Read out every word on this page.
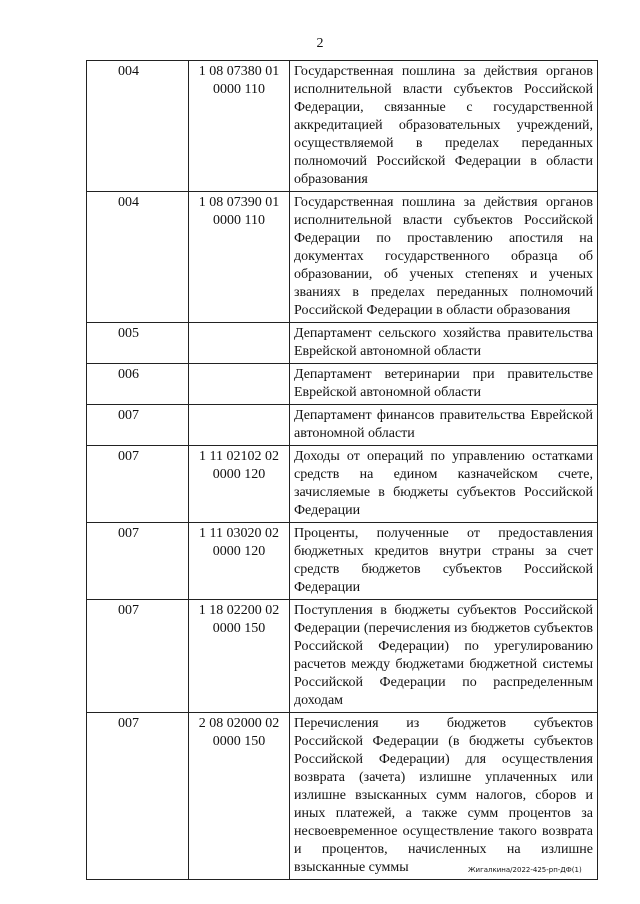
2
004	1 08 07380 01 0000 110	Государственная пошлина за действия органов исполнительной власти субъектов Российской Федерации, связанные с государственной аккредитацией образовательных учреждений, осуществляемой в пределах переданных полномочий Российской Федерации в области образования
004	1 08 07390 01 0000 110	Государственная пошлина за действия органов исполнительной власти субъектов Российской Федерации по проставлению апостиля на документах государственного образца об образовании, об ученых степенях и ученых званиях в пределах переданных полномочий Российской Федерации в области образования
005		Департамент сельского хозяйства правительства Еврейской автономной области
006		Департамент ветеринарии при правительстве Еврейской автономной области
007		Департамент финансов правительства Еврейской автономной области
007	1 11 02102 02 0000 120	Доходы от операций по управлению остатками средств на едином казначейском счете, зачисляемые в бюджеты субъектов Российской Федерации
007	1 11 03020 02 0000 120	Проценты, полученные от предоставления бюджетных кредитов внутри страны за счет средств бюджетов субъектов Российской Федерации
007	1 18 02200 02 0000 150	Поступления в бюджеты субъектов Российской Федерации (перечисления из бюджетов субъектов Российской Федерации) по урегулированию расчетов между бюджетами бюджетной системы Российской Федерации по распределенным доходам
007	2 08 02000 02 0000 150	Перечисления из бюджетов субъектов Российской Федерации (в бюджеты субъектов Российской Федерации) для осуществления возврата (зачета) излишне уплаченных или излишне взысканных сумм налогов, сборов и иных платежей, а также сумм процентов за несвоевременное осуществление такого возврата и процентов, начисленных на излишне взысканные суммы	Жигалкина/2022-425-рп-ДФ(1)
